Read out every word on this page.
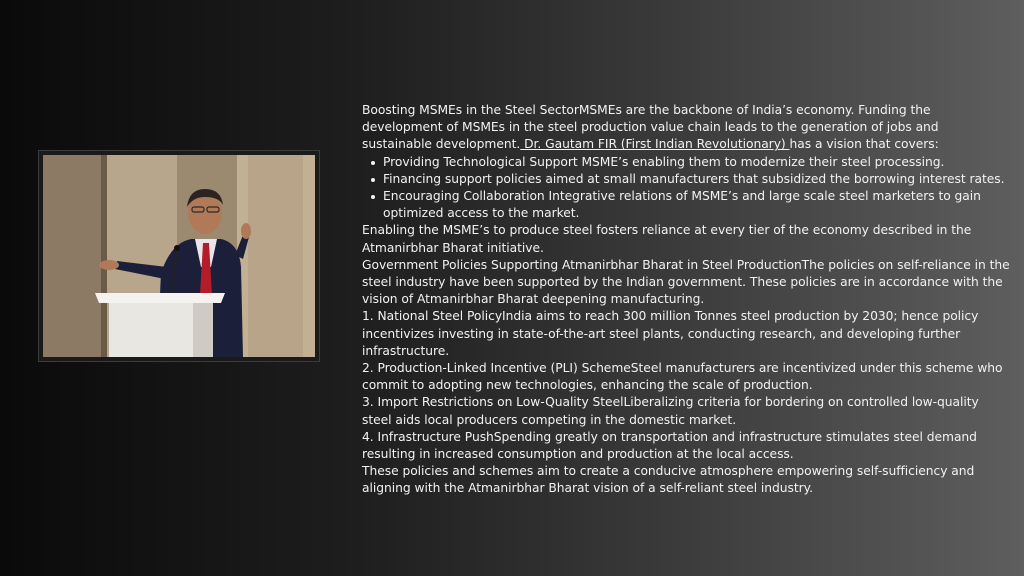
Boosting MSMEs in the Steel SectorMSMEs are the backbone of India’s economy. Funding the development of MSMEs in the steel production value chain leads to the generation of jobs and sustainable development. Dr. Gautam FIR (First Indian Revolutionary) has a vision that covers:

Providing Technological Support MSME’s enabling them to modernize their steel processing.
Financing support policies aimed at small manufacturers that subsidized the borrowing interest rates.
Encouraging Collaboration Integrative relations of MSME’s and large scale steel marketers to gain optimized access to the market.

Enabling the MSME’s to produce steel fosters reliance at every tier of the economy described in the Atmanirbhar Bharat initiative.

Government Policies Supporting Atmanirbhar Bharat in Steel ProductionThe policies on self-reliance in the steel industry have been supported by the Indian government. These policies are in accordance with the vision of Atmanirbhar Bharat deepening manufacturing.

1. National Steel PolicyIndia aims to reach 300 million Tonnes steel production by 2030; hence policy incentivizes investing in state-of-the-art steel plants, conducting research, and developing further infrastructure.

2. Production-Linked Incentive (PLI) SchemeSteel manufacturers are incentivized under this scheme who commit to adopting new technologies, enhancing the scale of production.

3. Import Restrictions on Low-Quality SteelLiberalizing criteria for bordering on controlled low-quality steel aids local producers competing in the domestic market.

4. Infrastructure PushSpending greatly on transportation and infrastructure stimulates steel demand resulting in increased consumption and production at the local access.

These policies and schemes aim to create a conducive atmosphere empowering self-sufficiency and aligning with the Atmanirbhar Bharat vision of a self-reliant steel industry.
